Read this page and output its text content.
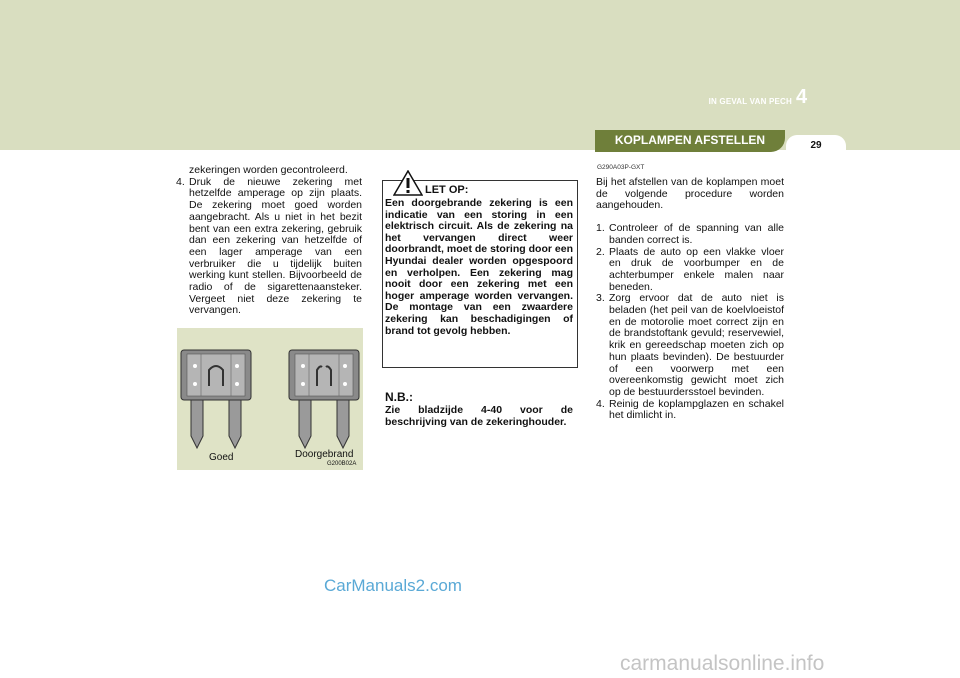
IN GEVAL VAN PECH 4
KOPLAMPEN AFSTELLEN	29

zekeringen worden gecontroleerd.

4. Druk de nieuwe zekering met hetzelfde amperage op zijn plaats. De zekering moet goed worden aangebracht. Als u niet in het bezit bent van een extra zekering, gebruik dan een zekering van hetzelfde of een lager amperage van een verbruiker die u tijdelijk buiten werking kunt stellen. Bijvoorbeeld de radio of de sigarettenaansteker. Vergeet niet deze zekering te vervangen.
Goed	Doorgebrand
G200B02A
LET OP:
Een doorgebrande zekering is een indicatie van een storing in een elektrisch circuit. Als de zekering na het vervangen direct weer doorbrandt, moet de storing door een Hyundai dealer worden opgespoord en verholpen. Een zekering mag nooit door een zekering met een hoger amperage worden vervangen. De montage van een zwaardere zekering kan beschadigingen of brand tot gevolg hebben.
N.B.:
Zie bladzijde 4-40 voor de beschrijving van de zekeringhouder.
G290A03P-GXT

Bij het afstellen van de koplampen moet de volgende procedure worden aangehouden.

1. Controleer of de spanning van alle banden correct is.
2. Plaats de auto op een vlakke vloer en druk de voorbumper en de achterbumper enkele malen naar beneden.
3. Zorg ervoor dat de auto niet is beladen (het peil van de koelvloeistof en de motorolie moet correct zijn en de brandstoftank gevuld; reservewiel, krik en gereedschap moeten zich op hun plaats bevinden). De bestuurder of een voorwerp met een overeenkomstig gewicht moet zich op de bestuurdersstoel bevinden.
4. Reinig de koplampglazen en schakel het dimlicht in.
CarManuals2.com
carmanualsonline.info
